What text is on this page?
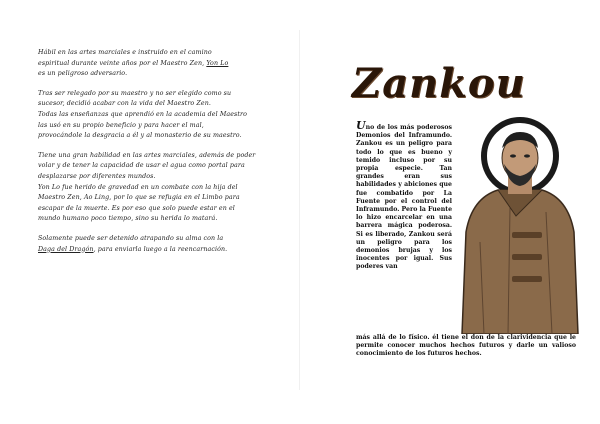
Hábil en las artes marciales e instruido en el camino
espiritual durante veinte años por el Maestro Zen, Yon Lo
es un peligroso adversario.

Tras ser relegado por su maestro y no ser elegido como su
sucesor, decidió acabar con la vida del Maestro Zen.
Todas las enseñanzas que aprendió en la academia del Maestro
las usó en su propio beneficio y para hacer el mal,
provocándole la desgracia a él y al monasterio de su maestro.

Tiene una gran habilidad en las artes marciales, además de poder
volar y de tener la capacidad de usar el agua como portal para
desplazarse por diferentes mundos.
Yon Lo fue herido de gravedad en un combate con la hija del
Maestro Zen, Ao Ling, por lo que se refugia en el Limbo para
escapar de la muerte. Es por eso que solo puede estar en el
mundo humano poco tiempo, sino su herida lo matará.

Solamente puede ser detenido atrapando su alma con la
Daga del Dragón, para enviarla luego a la reencarnación.

Zankou
Uno de los más poderosos Demonios del Inframundo. Zankou es un peligro para todo lo que es bueno y temido incluso por su propia especie. Tan grandes eran sus habilidades y abiciones que fue combatido por La Fuente por el control del Inframundo. Pero la Fuente lo hizo encarcelar en una barrera mágica poderosa. Si es liberado, Zankou será un peligro para los demonios brujas y los inocentes por igual. Sus poderes van
más allá de lo físico. él tiene el don de la clarividencia que le permite conocer muchos hechos futuros y darle un valioso conocimiento de los futuros hechos.
